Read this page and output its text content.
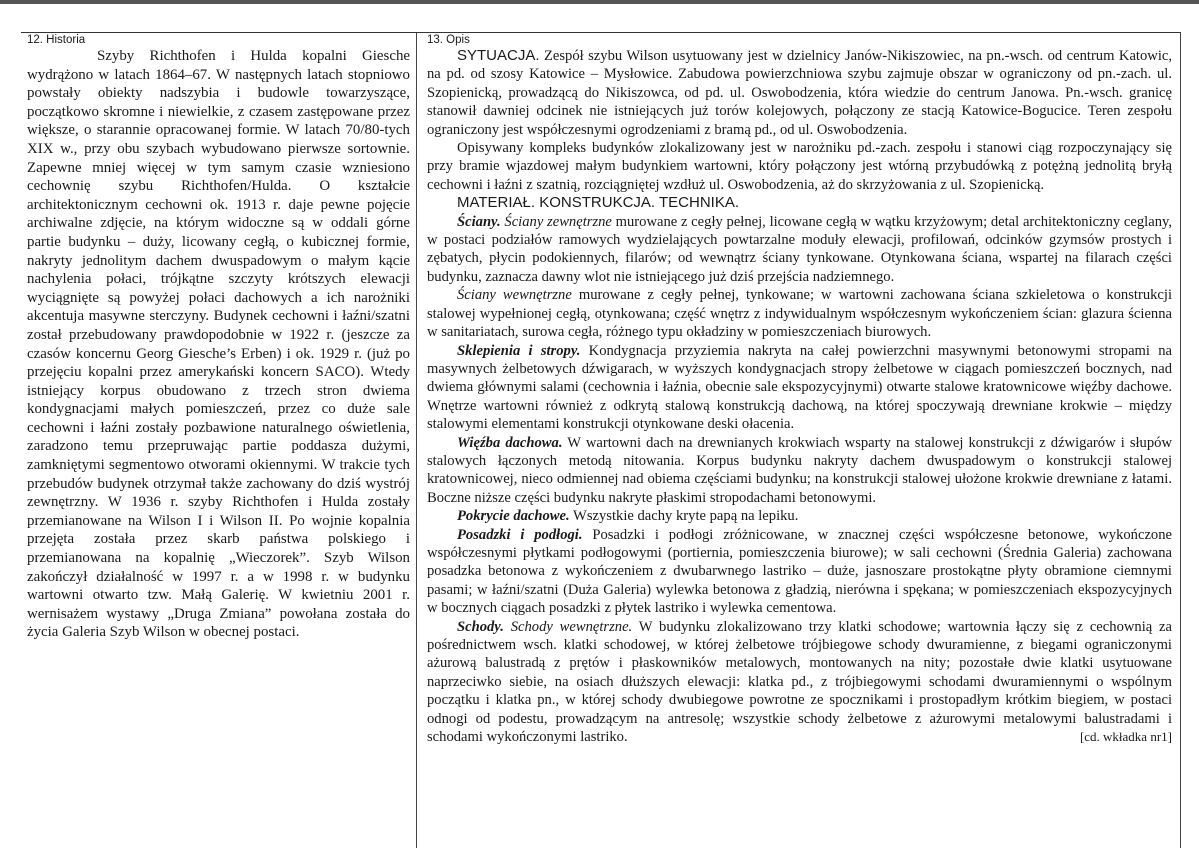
12. Historia

Szyby Richthofen i Hulda kopalni Giesche wydrążono w latach 1864–67. W następnych latach stopniowo powstały obiekty nadszybia i budowle towarzyszące, początkowo skromne i niewielkie, z czasem zastępowane przez większe, o starannie opracowanej formie. W latach 70/80-tych XIX w., przy obu szybach wybudowano pierwsze sortownie. Zapewne mniej więcej w tym samym czasie wzniesiono cechownię szybu Richthofen/Hulda. O kształcie architektonicznym cechowni ok. 1913 r. daje pewne pojęcie archiwalne zdjęcie, na którym widoczne są w oddali górne partie budynku – duży, licowany cegłą, o kubicznej formie, nakryty jednolitym dachem dwuspadowym o małym kącie nachylenia połaci, trójkątne szczyty krótszych elewacji wyciągnięte są powyżej połaci dachowych a ich narożniki akcentuja masywne sterczyny. Budynek cechowni i łaźni/szatni został przebudowany prawdopodobnie w 1922 r. (jeszcze za czasów koncernu Georg Giesche’s Erben) i ok. 1929 r. (już po przejęciu kopalni przez amerykański koncern SACO). Wtedy istniejący korpus obudowano z trzech stron dwiema kondygnacjami małych pomieszczeń, przez co duże sale cechowni i łaźni zostały pozbawione naturalnego oświetlenia, zaradzono temu przepruwając partie poddasza dużymi, zamkniętymi segmentowo otworami okiennymi. W trakcie tych przebudów budynek otrzymał także zachowany do dziś wystrój zewnętrzny. W 1936 r. szyby Richthofen i Hulda zostały przemianowane na Wilson I i Wilson II. Po wojnie kopalnia przejęta została przez skarb państwa polskiego i przemianowana na kopalnię „Wieczorek”. Szyb Wilson zakończył działalność w 1997 r. a w 1998 r. w budynku wartowni otwarto tzw. Małą Galerię. W kwietniu 2001 r. wernisażem wystawy „Druga Zmiana” powołana została do życia Galeria Szyb Wilson w obecnej postaci.

13. Opis

SYTUACJA. Zespół szybu Wilson usytuowany jest w dzielnicy Janów-Nikiszowiec, na pn.-wsch. od centrum Katowic, na pd. od szosy Katowice – Mysłowice. Zabudowa powierzchniowa szybu zajmuje obszar w ograniczony od pn.-zach. ul. Szopienicką, prowadzącą do Nikiszowca, od pd. ul. Oswobodzenia, która wiedzie do centrum Janowa. Pn.-wsch. granicę stanowił dawniej odcinek nie istniejących już torów kolejowych, połączony ze stacją Katowice-Bogucice. Teren zespołu ograniczony jest współczesnymi ogrodzeniami z bramą pd., od ul. Oswobodzenia.

Opisywany kompleks budynków zlokalizowany jest w narożniku pd.-zach. zespołu i stanowi ciąg rozpoczynający się przy bramie wjazdowej małym budynkiem wartowni, który połączony jest wtórną przybudówką z potężną jednolitą bryłą cechowni i łaźni z szatnią, rozciągniętej wzdłuż ul. Oswobodzenia, aż do skrzyżowania z ul. Szopienicką.

MATERIAŁ. KONSTRUKCJA. TECHNIKA.

Ściany. Ściany zewnętrzne murowane z cegły pełnej, licowane cegłą w wątku krzyżowym; detal architektoniczny ceglany, w postaci podziałów ramowych wydzielających powtarzalne moduły elewacji, profilowań, odcinków gzymsów prostych i zębatych, płycin podokiennych, filarów; od wewnątrz ściany tynkowane. Otynkowana ściana, wspartej na filarach części budynku, zaznacza dawny wlot nie istniejącego już dziś przejścia nadziemnego.

Ściany wewnętrzne murowane z cegły pełnej, tynkowane; w wartowni zachowana ściana szkieletowa o konstrukcji stalowej wypełnionej cegłą, otynkowana; część wnętrz z indywidualnym współczesnym wykończeniem ścian: glazura ścienna w sanitariatach, surowa cegła, różnego typu okładziny w pomieszczeniach biurowych.

Sklepienia i stropy. Kondygnacja przyziemia nakryta na całej powierzchni masywnymi betonowymi stropami na masywnych żelbetowych dźwigarach, w wyższych kondygnacjach stropy żelbetowe w ciągach pomieszczeń bocznych, nad dwiema głównymi salami (cechownia i łaźnia, obecnie sale ekspozycyjnymi) otwarte stalowe kratownicowe więźby dachowe. Wnętrze wartowni również z odkrytą stalową konstrukcją dachową, na której spoczywają drewniane krokwie – między stalowymi elementami konstrukcji otynkowane deski ołacenia.

Więźba dachowa. W wartowni dach na drewnianych krokwiach wsparty na stalowej konstrukcji z dźwigarów i słupów stalowych łączonych metodą nitowania. Korpus budynku nakryty dachem dwuspadowym o konstrukcji stalowej kratownicowej, nieco odmiennej nad obiema częściami budynku; na konstrukcji stalowej ułożone krokwie drewniane z łatami. Boczne niższe części budynku nakryte płaskimi stropodachami betonowymi.

Pokrycie dachowe. Wszystkie dachy kryte papą na lepiku.

Posadzki i podłogi. Posadzki i podłogi zróżnicowane, w znacznej części współczesne betonowe, wykończone współczesnymi płytkami podłogowymi (portiernia, pomieszczenia biurowe); w sali cechowni (Średnia Galeria) zachowana posadzka betonowa z wykończeniem z dwubarwnego lastriko – duże, jasnoszare prostokątne płyty obramione ciemnymi pasami; w łaźni/szatni (Duża Galeria) wylewka betonowa z gładzią, nierówna i spękana; w pomieszczeniach ekspozycyjnych w bocznych ciągach posadzki z płytek lastriko i wylewka cementowa.

Schody. Schody wewnętrzne. W budynku zlokalizowano trzy klatki schodowe; wartownia łączy się z cechownią za pośrednictwem wsch. klatki schodowej, w której żelbetowe trójbiegowe schody dwuramienne, z biegami ograniczonymi ażurową balustradą z prętów i płaskowników metalowych, montowanych na nity; pozostałe dwie klatki usytuowane naprzeciwko siebie, na osiach dłuższych elewacji: klatka pd., z trójbiegowymi schodami dwuramiennymi o wspólnym początku i klatka pn., w której schody dwubiegowe powrotne ze spocznikami i prostopadłym krótkim biegiem, w postaci odnogi od podestu, prowadzącym na antresolę; wszystkie schody żelbetowe z ażurowymi metalowymi balustradami i schodami wykończonymi lastriko.	[cd. wkładka nr1]
